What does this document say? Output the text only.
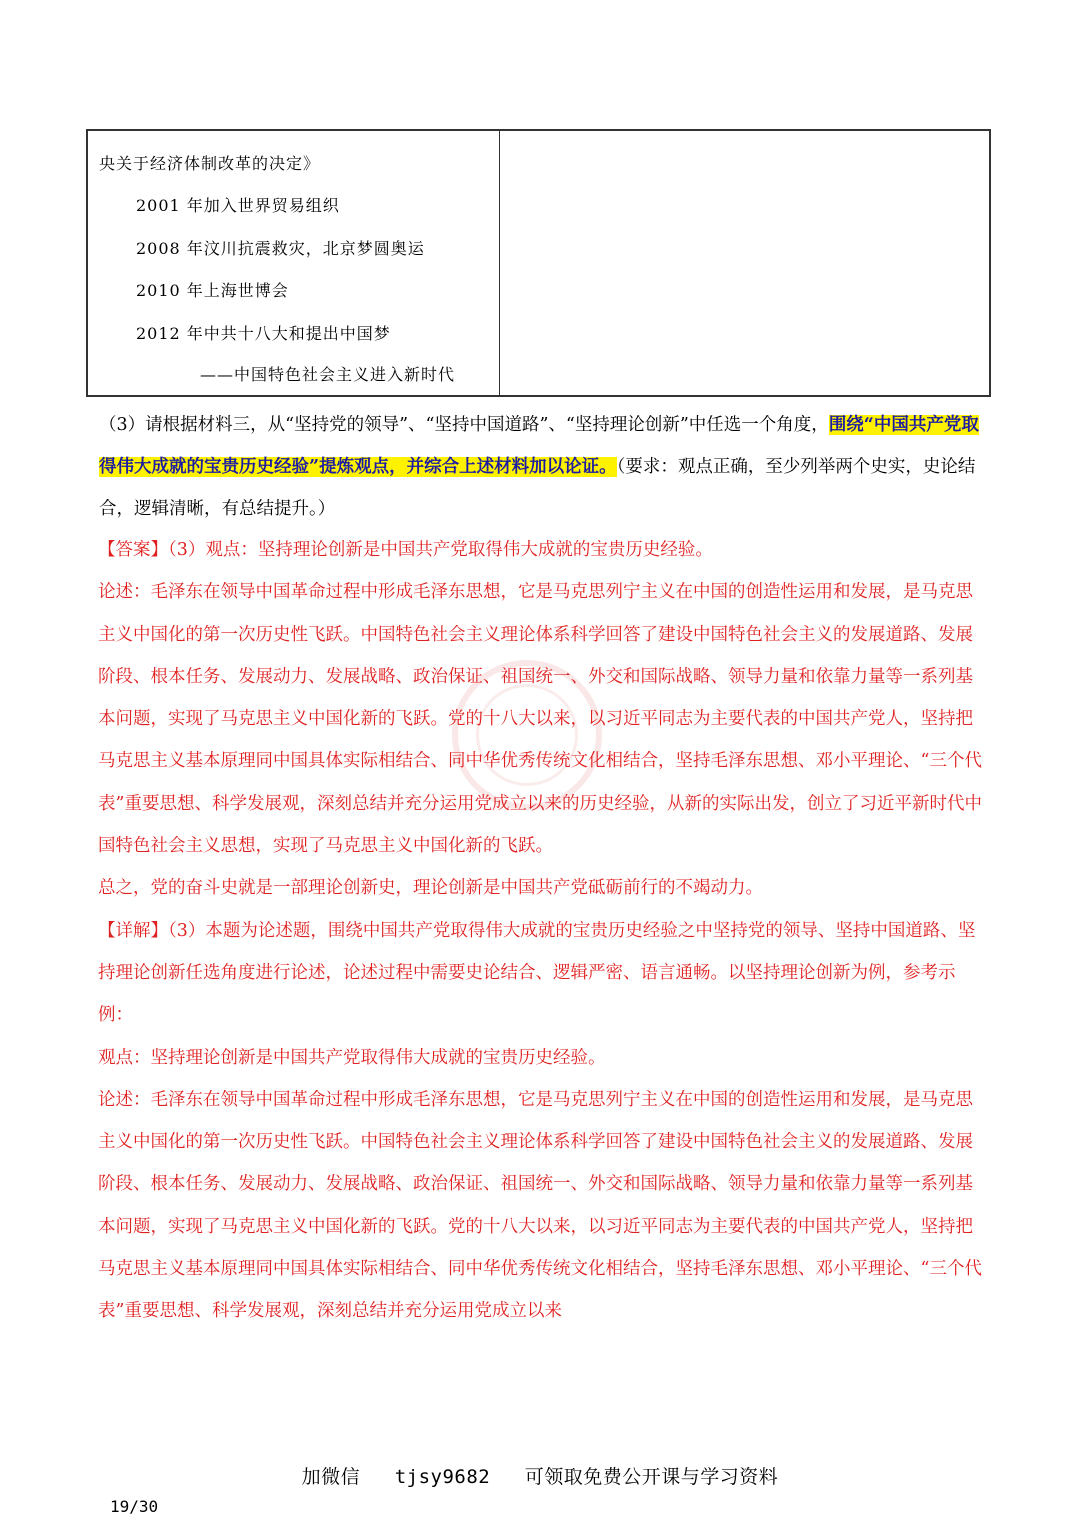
央关于经济体制改革的决定》
2001 年加入世界贸易组织
2008 年汶川抗震救灾，北京梦圆奥运
2010 年上海世博会
2012 年中共十八大和提出中国梦
——中国特色社会主义进入新时代
（3）请根据材料三，从“坚持党的领导”、“坚持中国道路”、“坚持理论创新”中任选一个角度，围绕“中国共产党取得伟大成就的宝贵历史经验”提炼观点，并综合上述材料加以论证。（要求：观点正确，至少列举两个史实，史论结合，逻辑清晰，有总结提升。）

【答案】（3）观点：坚持理论创新是中国共产党取得伟大成就的宝贵历史经验。

论述：毛泽东在领导中国革命过程中形成毛泽东思想，它是马克思列宁主义在中国的创造性运用和发展，是马克思主义中国化的第一次历史性飞跃。中国特色社会主义理论体系科学回答了建设中国特色社会主义的发展道路、发展阶段、根本任务、发展动力、发展战略、政治保证、祖国统一、外交和国际战略、领导力量和依靠力量等一系列基本问题，实现了马克思主义中国化新的飞跃。党的十八大以来，以习近平同志为主要代表的中国共产党人，坚持把马克思主义基本原理同中国具体实际相结合、同中华优秀传统文化相结合，坚持毛泽东思想、邓小平理论、“三个代表”重要思想、科学发展观，深刻总结并充分运用党成立以来的历史经验，从新的实际出发，创立了习近平新时代中国特色社会主义思想，实现了马克思主义中国化新的飞跃。

总之，党的奋斗史就是一部理论创新史，理论创新是中国共产党砥砺前行的不竭动力。

【详解】（3）本题为论述题，围绕中国共产党取得伟大成就的宝贵历史经验之中坚持党的领导、坚持中国道路、坚持理论创新任选角度进行论述，论述过程中需要史论结合、逻辑严密、语言通畅。以坚持理论创新为例，参考示例：

观点：坚持理论创新是中国共产党取得伟大成就的宝贵历史经验。

论述：毛泽东在领导中国革命过程中形成毛泽东思想，它是马克思列宁主义在中国的创造性运用和发展，是马克思主义中国化的第一次历史性飞跃。中国特色社会主义理论体系科学回答了建设中国特色社会主义的发展道路、发展阶段、根本任务、发展动力、发展战略、政治保证、祖国统一、外交和国际战略、领导力量和依靠力量等一系列基本问题，实现了马克思主义中国化新的飞跃。党的十八大以来，以习近平同志为主要代表的中国共产党人，坚持把马克思主义基本原理同中国具体实际相结合、同中华优秀传统文化相结合，坚持毛泽东思想、邓小平理论、“三个代表”重要思想、科学发展观，深刻总结并充分运用党成立以来

加微信 tjsy9682 可领取免费公开课与学习资料
19/30
